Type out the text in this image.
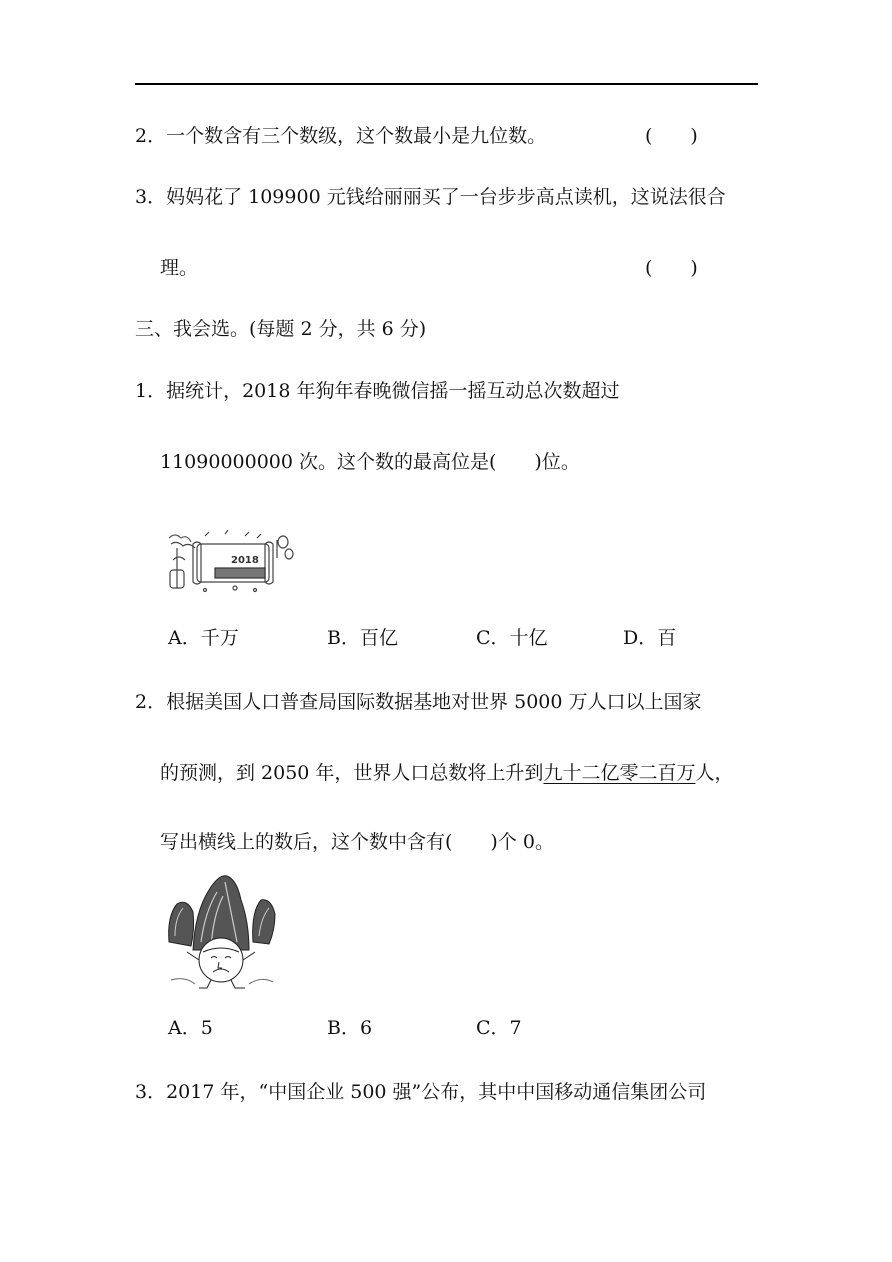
2．一个数含有三个数级，这个数最小是九位数。	(　　)
3．妈妈花了 109900 元钱给丽丽买了一台步步高点读机，这说法很合
理。	(　　)
三、我会选。(每题 2 分，共 6 分)
1．据统计，2018 年狗年春晚微信摇一摇互动总次数超过
11090000000 次。这个数的最高位是(　　)位。
2018
A．千万	B．百亿	C．十亿	D．百
2．根据美国人口普查局国际数据基地对世界 5000 万人口以上国家
的预测，到 2050 年，世界人口总数将上升到九十二亿零二百万人，
写出横线上的数后，这个数中含有(　　)个 0。
A．5	B．6	C．7
3．2017 年，“中国企业 500 强”公布，其中中国移动通信集团公司
